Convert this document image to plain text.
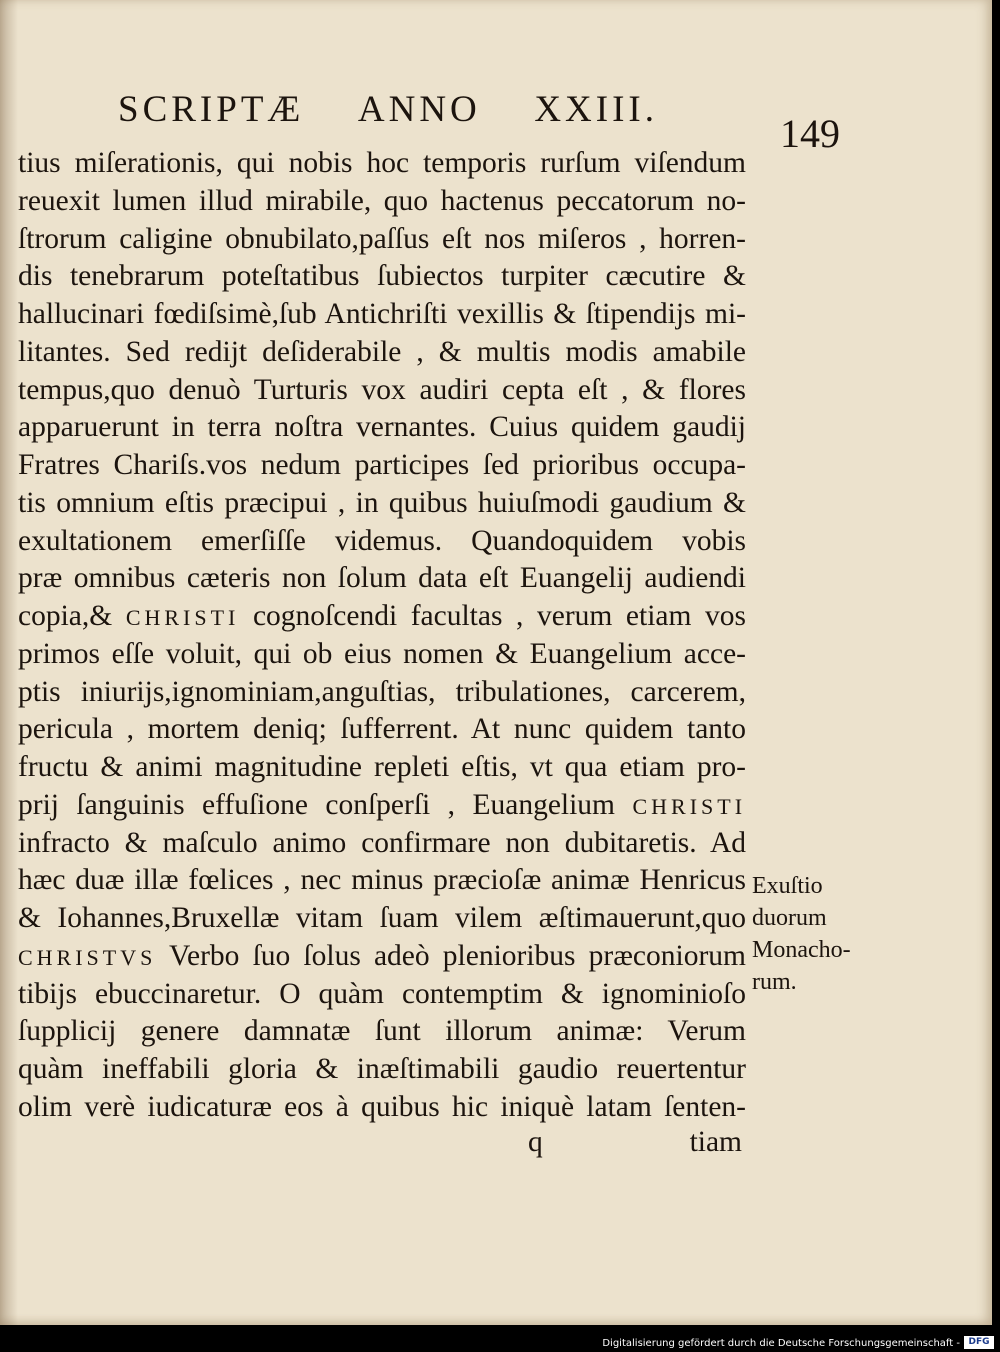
SCRIPTÆ ANNO XXIII.
149
tius miſerationis, qui nobis hoc temporis rurſum viſendum
reuexit lumen illud mirabile, quo hactenus peccatorum no-
ſtrorum caligine obnubilato,paſſus eſt nos miſeros , horren-
dis tenebrarum poteſtatibus ſubiectos turpiter cæcutire &
hallucinari fœdiſsimè,ſub Antichriſti vexillis & ſtipendijs mi-
litantes. Sed redijt deſiderabile , & multis modis amabile
tempus,quo denuò Turturis vox audiri cepta eſt , & flores
apparuerunt in terra noſtra vernantes. Cuius quidem gaudij
Fratres Chariſs.vos nedum participes ſed prioribus occupa-
tis omnium eſtis præcipui , in quibus huiuſmodi gaudium &
exultationem emerſiſſe videmus. Quandoquidem vobis
præ omnibus cæteris non ſolum data eſt Euangelij audiendi
copia,& CHRISTI cognoſcendi facultas , verum etiam vos
primos eſſe voluit, qui ob eius nomen & Euangelium acce-
ptis iniurijs,ignominiam,anguſtias, tribulationes, carcerem,
pericula , mortem deniq; ſufferrent. At nunc quidem tanto
fructu & animi magnitudine repleti eſtis, vt qua etiam pro-
prij ſanguinis effuſione conſperſi , Euangelium CHRISTI
infracto & maſculo animo confirmare non dubitaretis. Ad
hæc duæ illæ fœlices , nec minus præcioſæ animæ Henricus
& Iohannes,Bruxellæ vitam ſuam vilem æſtimauerunt,quo
CHRISTVS Verbo ſuo ſolus adeò plenioribus præconiorum
tibijs ebuccinaretur. O quàm contemptim & ignominioſo
ſupplicij genere damnatæ ſunt illorum animæ: Verum
quàm ineffabili gloria & inæſtimabili gaudio reuertentur
olim verè iudicaturæ eos à quibus hic iniquè latam ſenten-
q	tiam
Exuſtio
duorum
Monacho-
rum.
Digitalisierung gefördert durch die Deutsche Forschungsgemeinschaft - DFG
